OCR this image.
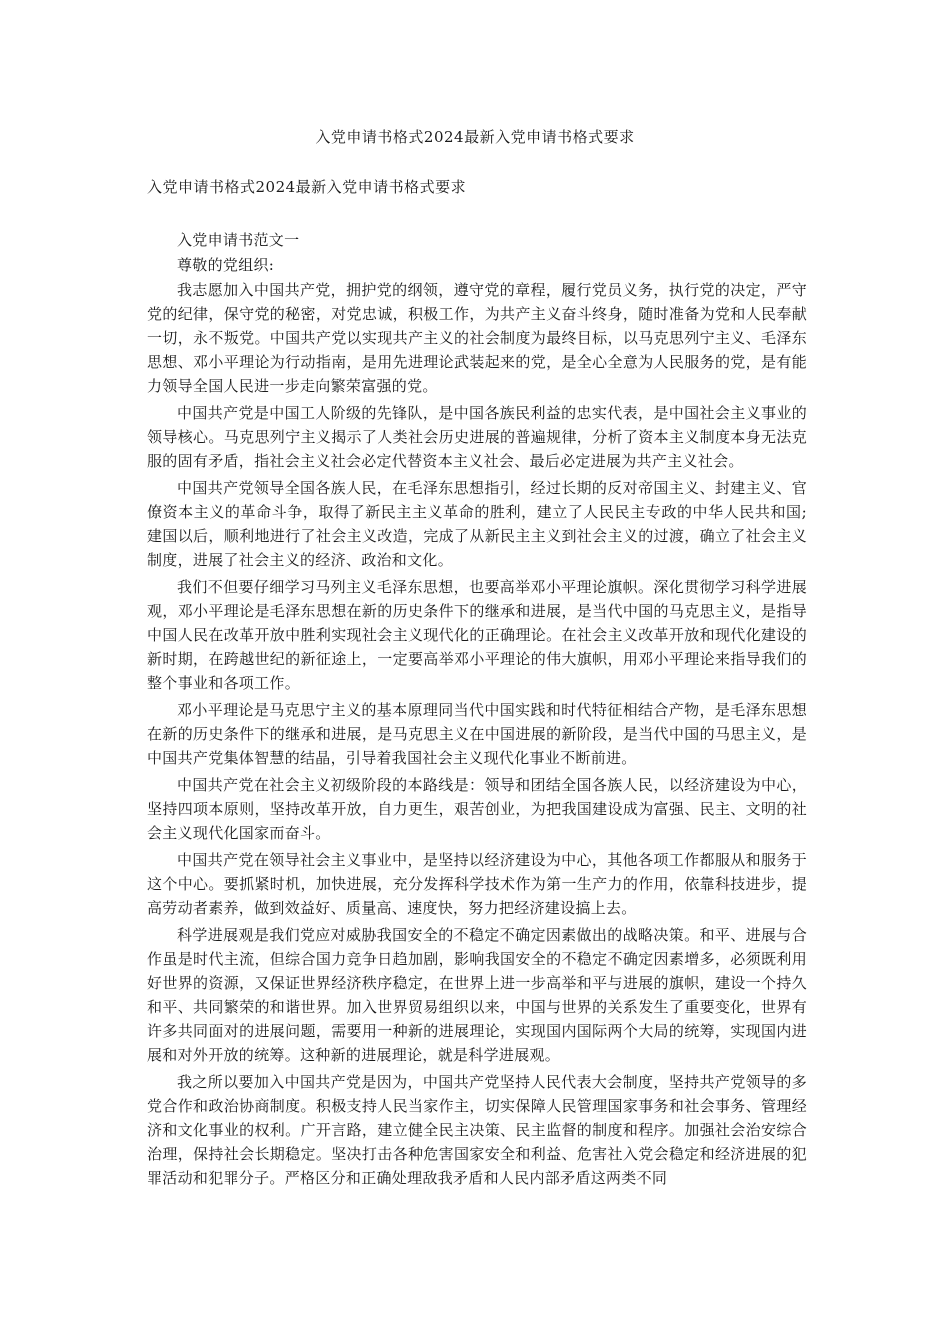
入党申请书格式2024最新入党申请书格式要求
入党申请书格式2024最新入党申请书格式要求

入党申请书范文一

尊敬的党组织:

我志愿加入中国共产党，拥护党的纲领，遵守党的章程，履行党员义务，执行党的决定，严守党的纪律，保守党的秘密，对党忠诚，积极工作，为共产主义奋斗终身，随时准备为党和人民奉献一切，永不叛党。中国共产党以实现共产主义的社会制度为最终目标，以马克思列宁主义、毛泽东思想、邓小平理论为行动指南，是用先进理论武装起来的党，是全心全意为人民服务的党，是有能力领导全国人民进一步走向繁荣富强的党。

中国共产党是中国工人阶级的先锋队，是中国各族民利益的忠实代表，是中国社会主义事业的领导核心。马克思列宁主义揭示了人类社会历史进展的普遍规律，分析了资本主义制度本身无法克服的固有矛盾，指社会主义社会必定代替资本主义社会、最后必定进展为共产主义社会。

中国共产党领导全国各族人民，在毛泽东思想指引，经过长期的反对帝国主义、封建主义、官僚资本主义的革命斗争，取得了新民主主义革命的胜利，建立了人民民主专政的中华人民共和国;建国以后，顺利地进行了社会主义改造，完成了从新民主主义到社会主义的过渡，确立了社会主义制度，进展了社会主义的经济、政治和文化。

我们不但要仔细学习马列主义毛泽东思想，也要高举邓小平理论旗帜。深化贯彻学习科学进展观，邓小平理论是毛泽东思想在新的历史条件下的继承和进展，是当代中国的马克思主义，是指导中国人民在改革开放中胜利实现社会主义现代化的正确理论。在社会主义改革开放和现代化建设的新时期，在跨越世纪的新征途上，一定要高举邓小平理论的伟大旗帜，用邓小平理论来指导我们的整个事业和各项工作。

邓小平理论是马克思宁主义的基本原理同当代中国实践和时代特征相结合产物，是毛泽东思想在新的历史条件下的继承和进展，是马克思主义在中国进展的新阶段，是当代中国的马思主义，是中国共产党集体智慧的结晶，引导着我国社会主义现代化事业不断前进。

中国共产党在社会主义初级阶段的本路线是：领导和团结全国各族人民，以经济建设为中心，坚持四项本原则，坚持改革开放，自力更生，艰苦创业，为把我国建设成为富强、民主、文明的社会主义现代化国家而奋斗。

中国共产党在领导社会主义事业中，是坚持以经济建设为中心，其他各项工作都服从和服务于这个中心。要抓紧时机，加快进展，充分发挥科学技术作为第一生产力的作用，依靠科技进步，提高劳动者素养，做到效益好、质量高、速度快，努力把经济建设搞上去。

科学进展观是我们党应对威胁我国安全的不稳定不确定因素做出的战略决策。和平、进展与合作虽是时代主流，但综合国力竞争日趋加剧，影响我国安全的不稳定不确定因素增多，必须既利用好世界的资源，又保证世界经济秩序稳定，在世界上进一步高举和平与进展的旗帜，建设一个持久和平、共同繁荣的和谐世界。加入世界贸易组织以来，中国与世界的关系发生了重要变化，世界有许多共同面对的进展问题，需要用一种新的进展理论，实现国内国际两个大局的统筹，实现国内进展和对外开放的统筹。这种新的进展理论，就是科学进展观。

我之所以要加入中国共产党是因为，中国共产党坚持人民代表大会制度，坚持共产党领导的多党合作和政治协商制度。积极支持人民当家作主，切实保障人民管理国家事务和社会事务、管理经济和文化事业的权利。广开言路，建立健全民主决策、民主监督的制度和程序。加强社会治安综合治理，保持社会长期稳定。坚决打击各种危害国家安全和利益、危害社入党会稳定和经济进展的犯罪活动和犯罪分子。严格区分和正确处理敌我矛盾和人民内部矛盾这两类不同
